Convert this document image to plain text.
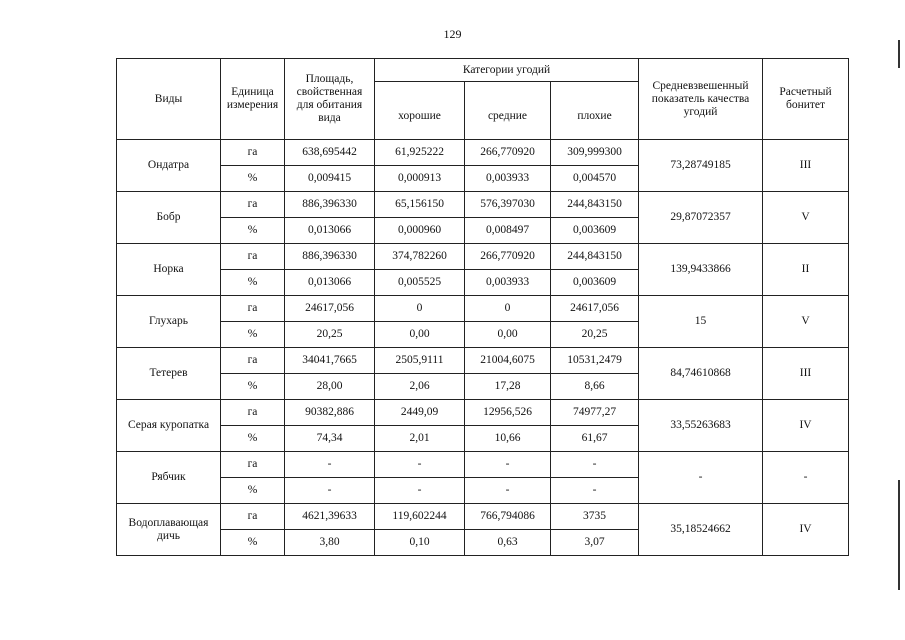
129
Виды	Единица измерения	Площадь, свойственная для обитания вида	Категории угодий			Средневзвешенный показатель качества угодий	Расчетный бонитет
			хорошие	средние	плохие		
Ондатра	га	638,695442	61,925222	266,770920	309,999300	73,28749185	III
	%	0,009415	0,000913	0,003933	0,004570		
Бобр	га	886,396330	65,156150	576,397030	244,843150	29,87072357	V
	%	0,013066	0,000960	0,008497	0,003609		
Норка	га	886,396330	374,782260	266,770920	244,843150	139,9433866	II
	%	0,013066	0,005525	0,003933	0,003609		
Глухарь	га	24617,056	0	0	24617,056	15	V
	%	20,25	0,00	0,00	20,25		
Тетерев	га	34041,7665	2505,9111	21004,6075	10531,2479	84,74610868	III
	%	28,00	2,06	17,28	8,66		
Серая куропатка	га	90382,886	2449,09	12956,526	74977,27	33,55263683	IV
	%	74,34	2,01	10,66	61,67		
Рябчик	га	-	-	-	-	-	-
	%	-	-	-	-		
Водоплавающая дичь	га	4621,39633	119,602244	766,794086	3735	35,18524662	IV
	%	3,80	0,10	0,63	3,07		
